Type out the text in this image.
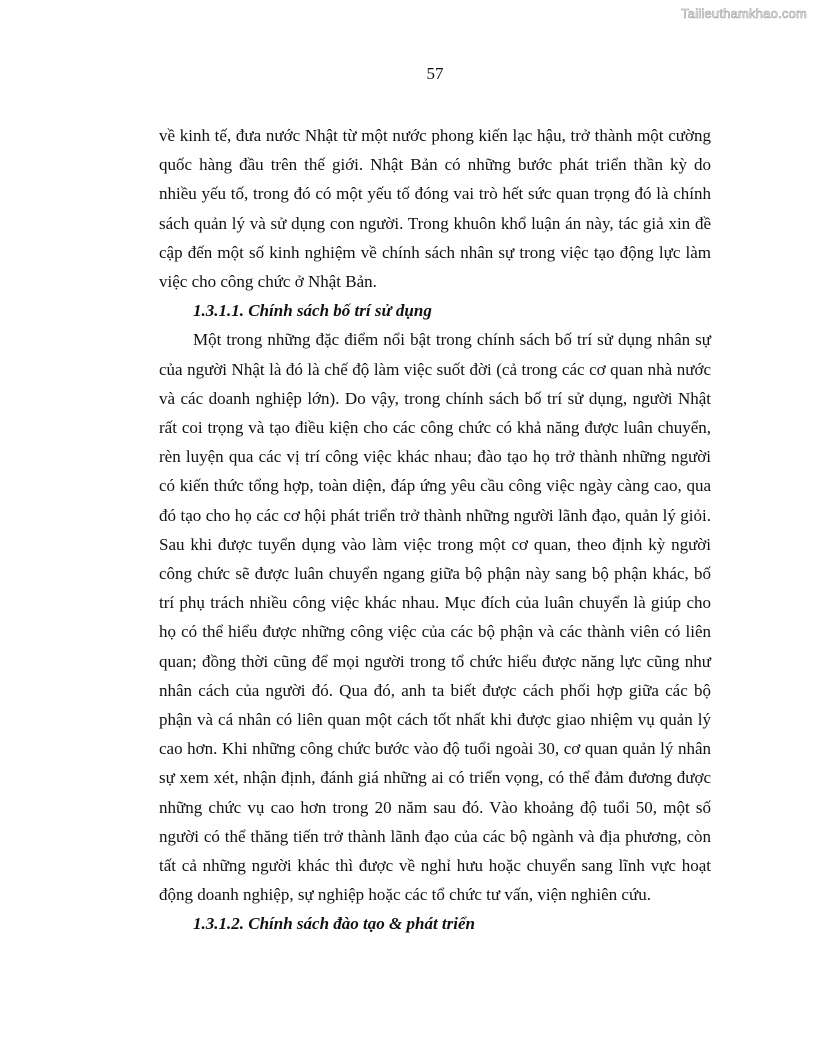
Tailieuthamkhao.com
57

về kinh tế, đưa nước Nhật từ một nước phong kiến lạc hậu, trở thành một cường quốc hàng đầu trên thế giới. Nhật Bản có những bước phát triển thần kỳ do nhiều yếu tố, trong đó có một yếu tố đóng vai trò hết sức quan trọng đó là chính sách quản lý và sử dụng con người. Trong khuôn khổ luận án này, tác giả xin đề cập đến một số kinh nghiệm về chính sách nhân sự trong việc tạo động lực làm việc cho công chức ở Nhật Bản.

1.3.1.1. Chính sách bố trí sử dụng

Một trong những đặc điểm nổi bật trong chính sách bố trí sử dụng nhân sự của người Nhật là đó là chế độ làm việc suốt đời (cả trong các cơ quan nhà nước và các doanh nghiệp lớn). Do vậy, trong chính sách bố trí sử dụng, người Nhật rất coi trọng và tạo điều kiện cho các công chức có khả năng được luân chuyển, rèn luyện qua các vị trí công việc khác nhau; đào tạo họ trở thành những người có kiến thức tổng hợp, toàn diện, đáp ứng yêu cầu công việc ngày càng cao, qua đó tạo cho họ các cơ hội phát triển trở thành những người lãnh đạo, quản lý giỏi. Sau khi được tuyển dụng vào làm việc trong một cơ quan, theo định kỳ người công chức sẽ được luân chuyển ngang giữa bộ phận này sang bộ phận khác, bố trí phụ trách nhiều công việc khác nhau. Mục đích của luân chuyển là giúp cho họ có thể hiểu được những công việc của các bộ phận và các thành viên có liên quan; đồng thời cũng để mọi người trong tổ chức hiểu được năng lực cũng như nhân cách của người đó. Qua đó, anh ta biết được cách phối hợp giữa các bộ phận và cá nhân có liên quan một cách tốt nhất khi được giao nhiệm vụ quản lý cao hơn. Khi những công chức bước vào độ tuổi ngoài 30, cơ quan quản lý nhân sự xem xét, nhận định, đánh giá những ai có triển vọng, có thể đảm đương được những chức vụ cao hơn trong 20 năm sau đó. Vào khoảng độ tuổi 50, một số người có thể thăng tiến trở thành lãnh đạo của các bộ ngành và địa phương, còn tất cả những người khác thì được về nghỉ hưu hoặc chuyển sang lĩnh vực hoạt động doanh nghiệp, sự nghiệp hoặc các tổ chức tư vấn, viện nghiên cứu.

1.3.1.2. Chính sách đào tạo & phát triển
